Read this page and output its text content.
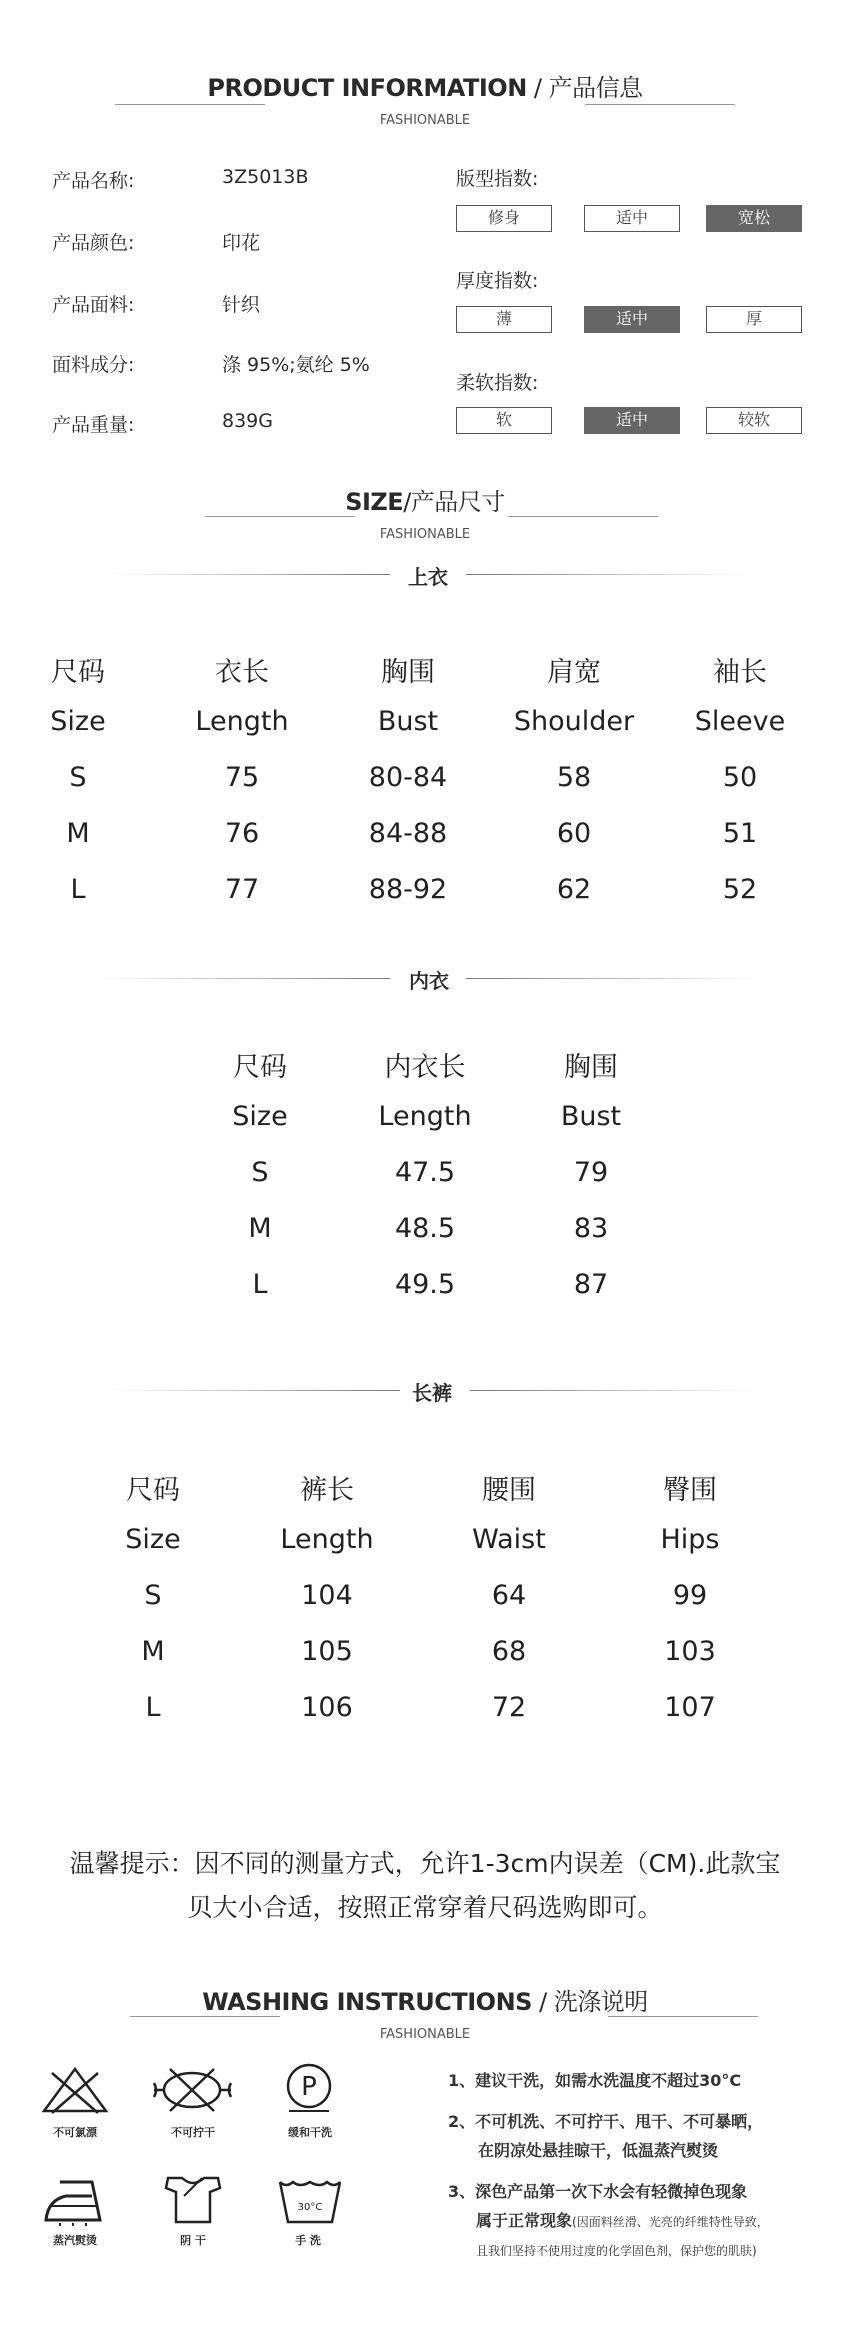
PRODUCT INFORMATION / 产品信息
FASHIONABLE
产品名称:	3Z5013B
产品颜色:	印花
产品面料:	针织
面料成分:	涤 95%;氨纶 5%
产品重量:	839G
版型指数:
修身	适中	宽松
厚度指数:
薄	适中	厚
柔软指数:
软	适中	较软
SIZE/产品尺寸
FASHIONABLE
上衣
尺码	衣长	胸围	肩宽	袖长
Size	Length	Bust	Shoulder	Sleeve
S	75	80-84	58	50
M	76	84-88	60	51
L	77	88-92	62	52
内衣
尺码	内衣长	胸围
Size	Length	Bust
S	47.5	79
M	48.5	83
L	49.5	87
长裤
尺码	裤长	腰围	臀围
Size	Length	Waist	Hips
S	104	64	99
M	105	68	103
L	106	72	107
温馨提示：因不同的测量方式，允许1-3cm内误差（CM).此款宝
贝大小合适，按照正常穿着尺码选购即可。
WASHING INSTRUCTIONS / 洗涤说明
FASHIONABLE
不可氯漂	不可拧干
P
缓和干洗
蒸汽熨烫	阴 干
30°C
手 洗
1、建议干洗，如需水洗温度不超过30°C
2、不可机洗、不可拧干、甩干、不可暴晒，
在阴凉处悬挂晾干，低温蒸汽熨烫
3、深色产品第一次下水会有轻微掉色现象
属于正常现象(因面料丝滑、光亮的纤维特性导致，
且我们坚持不使用过度的化学固色剂，保护您的肌肤)
